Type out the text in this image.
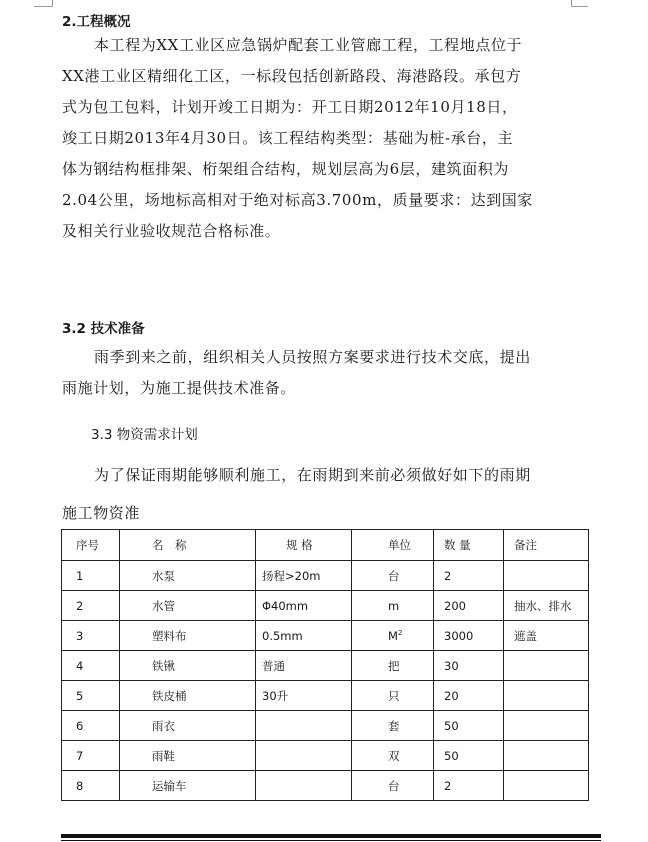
2.工程概况
本工程为XX工业区应急锅炉配套工业管廊工程，工程地点位于
XX港工业区精细化工区，一标段包括创新路段、海港路段。承包方
式为包工包料，计划开竣工日期为：开工日期2012年10月18日，
竣工日期2013年4月30日。该工程结构类型：基础为桩-承台，主
体为钢结构框排架、桁架组合结构，规划层高为6层，建筑面积为
2.04公里，场地标高相对于绝对标高3.700m，质量要求：达到国家
及相关行业验收规范合格标准。
3.2 技术准备
雨季到来之前，组织相关人员按照方案要求进行技术交底，提出
雨施计划，为施工提供技术准备。
3.3 物资需求计划
为了保证雨期能够顺利施工，在雨期到来前必须做好如下的雨期
施工物资准
序号	名　称	规 格	单位	数 量	备注
1	水泵	扬程>20m	台	2	
2	水管	Φ40mm	m	200	抽水、排水
3	塑料布	0.5mm	$M^2$	3000	遮盖
4	铁锹	普通	把	30	
5	铁皮桶	30升	只	20	
6	雨衣		套	50	
7	雨鞋		双	50	
8	运输车		台	2	
